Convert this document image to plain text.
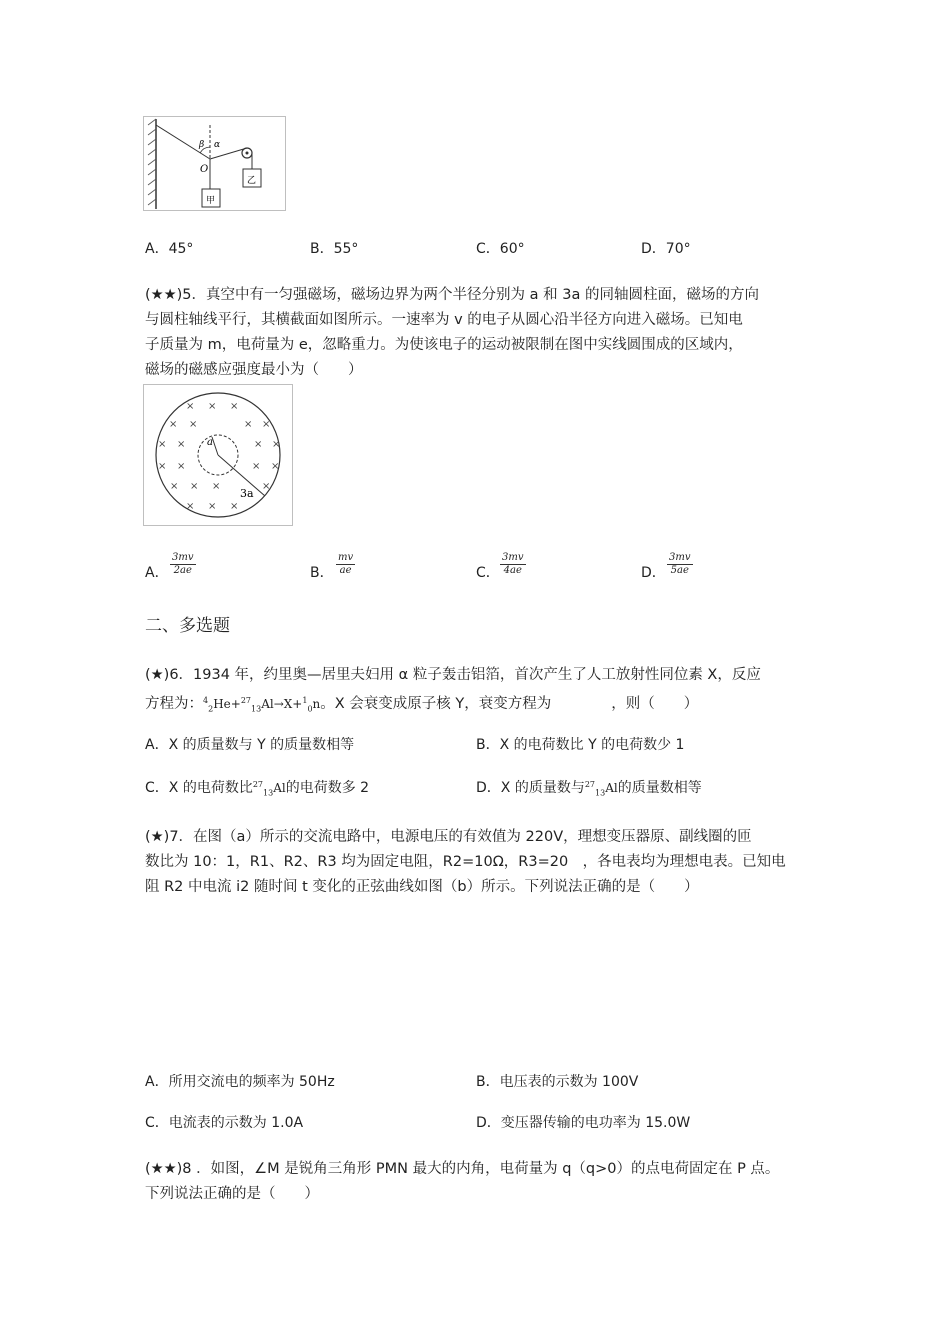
β α
O
甲
乙
A．45°	B．55°	C．60°	D．70°
(★★)5．真空中有一匀强磁场，磁场边界为两个半径分别为 a 和 3a 的同轴圆柱面，磁场的方向
与圆柱轴线平行，其横截面如图所示。一速率为 v 的电子从圆心沿半径方向进入磁场。已知电
子质量为 m，电荷量为 e，忽略重力。为使该电子的运动被限制在图中实线圆围成的区域内，
磁场的磁感应强度最小为（　　）
a
3a
× × ×
× ×	× ×
× ×	× ×
× ×	× ×
× × ×	×
× × ×
A． $\frac{3mv}{2ae}$	B． $\frac{mv}{ae}$	C． $\frac{3mv}{4ae}$	D． $\frac{3mv}{5ae}$
二、多选题
(★)6．1934 年，约里奥—居里夫妇用 α 粒子轰击铝箔，首次产生了人工放射性同位素 X，反应
方程为：$^4_2$He+$^{27}_{13}$Al→X+$^1_0$n。X 会衰变成原子核 Y，衰变方程为	，则（　　）
A．X 的质量数与 Y 的质量数相等	B．X 的电荷数比 Y 的电荷数少 1
C．X 的电荷数比$^{27}_{13}$Al的电荷数多 2	D．X 的质量数与$^{27}_{13}$Al的质量数相等
(★)7．在图（a）所示的交流电路中，电源电压的有效值为 220V，理想变压器原、副线圈的匝
数比为 10：1，R1、R2、R3 均为固定电阻，R2=10Ω，R3=20　，各电表均为理想电表。已知电
阻 R2 中电流 i2 随时间 t 变化的正弦曲线如图（b）所示。下列说法正确的是（　　）
A．所用交流电的频率为 50Hz	B．电压表的示数为 100V
C．电流表的示数为 1.0A	D．变压器传输的电功率为 15.0W
(★★)8 ．如图，∠M 是锐角三角形 PMN 最大的内角，电荷量为 q（q>0）的点电荷固定在 P 点。
下列说法正确的是（　　）
